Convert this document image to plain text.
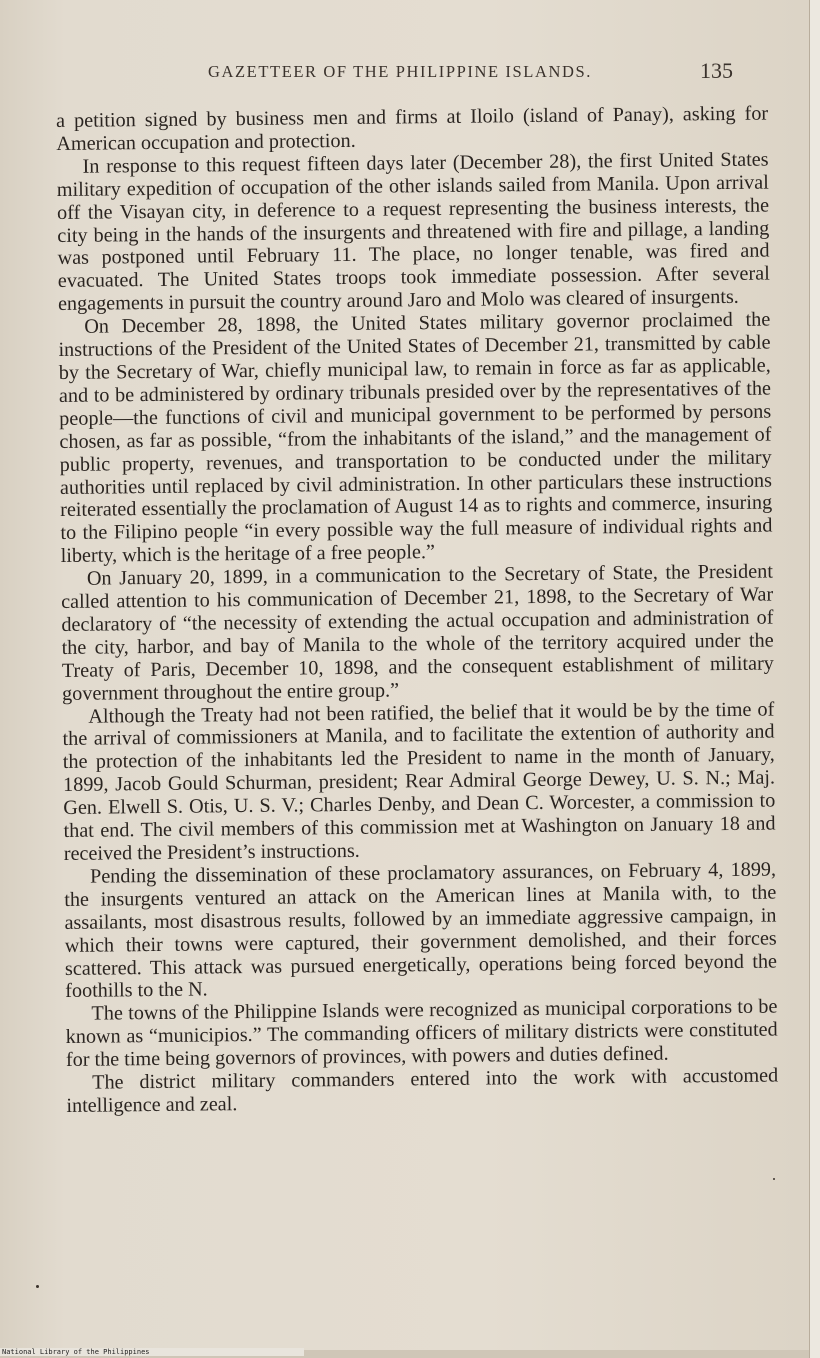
GAZETTEER OF THE PHILIPPINE ISLANDS.	135

a petition signed by business men and firms at Iloilo (island of Panay), asking for American occupation and protection.

In response to this request fifteen days later (December 28), the first United States military expedition of occupation of the other islands sailed from Manila. Upon arrival off the Visayan city, in deference to a request representing the business interests, the city being in the hands of the insurgents and threatened with fire and pillage, a landing was postponed until February 11. The place, no longer tenable, was fired and evacuated. The United States troops took immediate possession. After several engagements in pursuit the country around Jaro and Molo was cleared of insurgents.

On December 28, 1898, the United States military governor proclaimed the instructions of the President of the United States of December 21, transmitted by cable by the Secretary of War, chiefly municipal law, to remain in force as far as applicable, and to be administered by ordinary tribunals presided over by the representatives of the people—the functions of civil and municipal government to be performed by persons chosen, as far as possible, “from the inhabitants of the island,” and the management of public property, revenues, and transportation to be conducted under the military authorities until replaced by civil administration. In other particulars these instructions reiterated essentially the proclamation of August 14 as to rights and commerce, insuring to the Filipino people “in every possible way the full measure of individual rights and liberty, which is the heritage of a free people.”

On January 20, 1899, in a communication to the Secretary of State, the President called attention to his communication of December 21, 1898, to the Secretary of War declaratory of “the necessity of extending the actual occupation and administration of the city, harbor, and bay of Manila to the whole of the territory acquired under the Treaty of Paris, December 10, 1898, and the consequent establishment of military government throughout the entire group.”

Although the Treaty had not been ratified, the belief that it would be by the time of the arrival of commissioners at Manila, and to facilitate the extention of authority and the protection of the inhabitants led the President to name in the month of January, 1899, Jacob Gould Schurman, president; Rear Admiral George Dewey, U. S. N.; Maj. Gen. Elwell S. Otis, U. S. V.; Charles Denby, and Dean C. Worcester, a commission to that end. The civil members of this commission met at Washington on January 18 and received the President’s instructions.

Pending the dissemination of these proclamatory assurances, on February 4, 1899, the insurgents ventured an attack on the American lines at Manila with, to the assailants, most disastrous results, followed by an immediate aggressive campaign, in which their towns were captured, their government demolished, and their forces scattered. This attack was pursued energetically, operations being forced beyond the foothills to the N.

The towns of the Philippine Islands were recognized as municipal corporations to be known as “municipios.” The commanding officers of military districts were constituted for the time being governors of provinces, with powers and duties defined.

The district military commanders entered into the work with accustomed intelligence and zeal.

National Library of the Philippines
